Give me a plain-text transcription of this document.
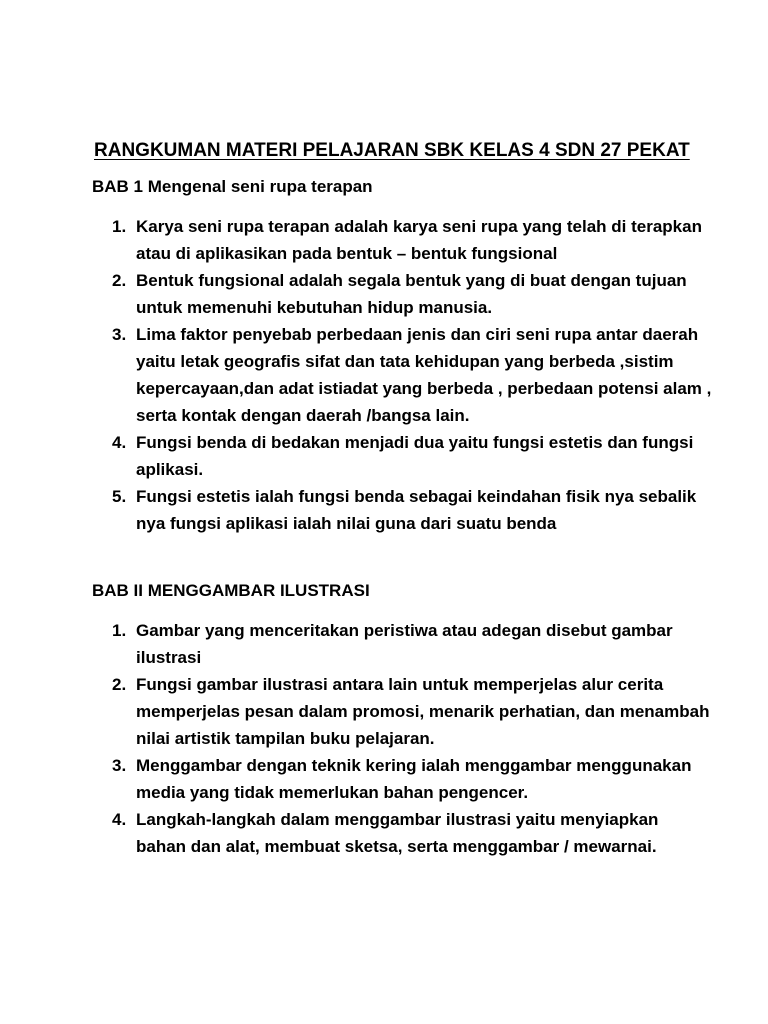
RANGKUMAN MATERI PELAJARAN SBK KELAS 4 SDN 27 PEKAT
BAB 1 Mengenal seni rupa terapan
1. Karya seni rupa terapan adalah karya seni rupa yang telah di terapkan atau di aplikasikan pada bentuk – bentuk fungsional
2. Bentuk fungsional adalah segala bentuk yang di buat dengan tujuan untuk memenuhi kebutuhan hidup manusia.
3. Lima faktor penyebab perbedaan jenis dan ciri seni rupa antar daerah yaitu letak geografis sifat dan tata kehidupan yang berbeda ,sistim kepercayaan,dan adat istiadat yang berbeda , perbedaan potensi alam , serta kontak dengan daerah /bangsa lain.
4. Fungsi benda di bedakan menjadi dua yaitu fungsi estetis dan fungsi aplikasi.
5. Fungsi estetis ialah fungsi benda sebagai keindahan fisik nya sebalik nya fungsi aplikasi ialah nilai guna dari suatu benda
BAB II MENGGAMBAR ILUSTRASI
1. Gambar yang menceritakan peristiwa atau adegan disebut gambar ilustrasi
2. Fungsi gambar ilustrasi antara lain untuk memperjelas alur cerita memperjelas pesan dalam promosi, menarik perhatian, dan menambah nilai artistik tampilan buku pelajaran.
3. Menggambar dengan teknik kering ialah menggambar menggunakan media yang tidak memerlukan bahan pengencer.
4. Langkah-langkah dalam menggambar ilustrasi yaitu menyiapkan bahan dan alat, membuat sketsa, serta menggambar / mewarnai.
